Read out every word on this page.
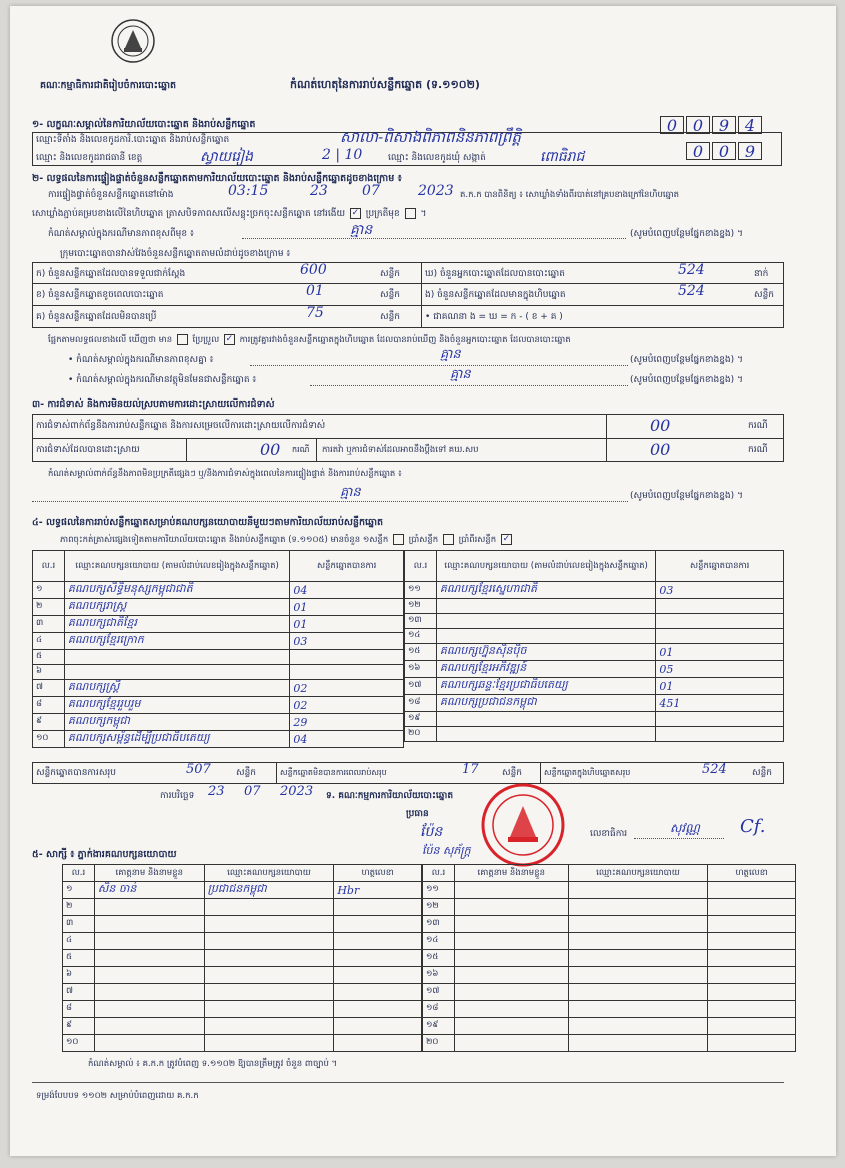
គណៈកម្មាធិការជាតិរៀបចំការបោះឆ្នោត	កំណត់ហេតុនៃការរាប់សន្លឹកឆ្នោត (ទ.១១០២)
១- លក្ខណៈសម្គាល់នៃការិយាល័យបោះឆ្នោត និងរាប់សន្លឹកឆ្នោត
ឈ្មោះទីតាំង និងលេខកូដការិ.បោះឆ្នោត និងរាប់សន្លឹកឆ្នោត	សាលា-ពិសាងពិភាពនិនភាពព្រឹត្ដិ
0 0 9 4
ឈ្មោះ និងលេខកូដរាជធានី ខេត្ត	ស្វាយរៀង	2 | 10	ឈ្មោះ និងលេខកូដឃុំ សង្កាត់	ពោធិរាជ	0 0 9
២- លទ្ធផលនៃការផ្ទៀងផ្ទាត់ចំនួនសន្លឹកឆ្នោតតាមការិយាល័យបោះឆ្នោត និងរាប់សន្លឹកឆ្នោតដូចខាងក្រោម ៖
ការផ្ទៀងផ្ទាត់ចំនួនសន្លឹកឆ្នោតនៅម៉ោង	03:15	23 07	2023 ត.ក.ក បានពិនិត្យ ៖ សោឃ្លាំងទាំងពីរបាត់នៅគ្របខាងក្រៅនៃហិបឆ្នោត
សោឃ្លាំងភ្ជាប់គម្របខាងលើនៃហិបឆ្នោត ត្រាសបិទភាពសលើសន្លុះច្រកចុះសន្លឹកឆ្នោត នៅរងើយ ✓ ប្រក្រតីមុខ ។
កំណត់សម្គាល់ក្នុងករណីមានភាពខុសពីមុខ ៖	គ្មាន	(សូមបំពេញបន្ថែមផ្នែកខាងខ្នង) ។
ក្រុមបោះឆ្នោតបានវាស់វែងចំនួនសន្លឹកឆ្នោតតាមលំដាប់ដូចខាងក្រោម ៖
ក) ចំនួនសន្លឹកឆ្នោតដែលបានទទួលជាក់ស្តែង	600	សន្លឹក	ឃ) ចំនួនអ្នកបោះឆ្នោតដែលបានបោះឆ្នោត	524	នាក់
ខ) ចំនួនសន្លឹកឆ្នោតខូចពេលបោះឆ្នោត	01	សន្លឹក	ង) ចំនួនសន្លឹកឆ្នោតដែលមានក្នុងហិបឆ្នោត	524	សន្លឹក
គ) ចំនួនសន្លឹកឆ្នោតដែលមិនបានប្រើ	75	សន្លឹក	• ជាគណនា ង = ឃ = ក - ( ខ + គ )
ផ្អែកតាមលទ្ធផលខាងលើ ឃើញថា មាន ប្រែប្រួល ✓ ការត្រូវគ្នារវាងចំនួនសន្លឹកឆ្នោតក្នុងហិបឆ្នោត ដែលបានរាប់ឃើញ និងចំនួនអ្នកបោះឆ្នោត ដែលបានបោះឆ្នោត
• កំណត់សម្គាល់ក្នុងករណីមានភាពខុសគ្នា ៖	គ្មាន	(សូមបំពេញបន្ថែមផ្នែកខាងខ្នង) ។
• កំណត់សម្គាល់ក្នុងករណីមានវត្ថុមិនមែនជាសន្លឹកឆ្នោត ៖	គ្មាន	(សូមបំពេញបន្ថែមផ្នែកខាងខ្នង) ។
៣- ការជំទាស់ និងការមិនយល់ស្របតាមការដោះស្រាយលើការជំទាស់
ការជំទាស់ពាក់ព័ន្ធនឹងការរាប់សន្លឹកឆ្នោត និងការសម្រេចលើការដោះស្រាយលើការជំទាស់	00	ករណី
ការជំទាស់ដែលបានដោះស្រាយ	00 ករណី ការតវ៉ា ឬការជំទាស់ដែលអាចនឹងប្តឹងទៅ គឃ.សប	00	ករណី
កំណត់សម្គាល់ពាក់ព័ន្ធនឹងភាពមិនប្រក្រតីផ្សេងៗ ឬ/និងការជំទាស់ក្នុងពេលនៃការផ្ទៀងផ្ទាត់ និងការរាប់សន្លឹកឆ្នោត ៖
គ្មាន	(សូមបំពេញបន្ថែមផ្នែកខាងខ្នង) ។
៤- លទ្ធផលនៃការរាប់សន្លឹកឆ្នោតសម្រាប់គណបក្សនយោបាយនីមួយៗតាមការិយាល័យរាប់សន្លឹកឆ្នោត
ភាពចុះកត់ត្រាស់ផ្សេងទៀតតាមការិយាល័យបោះឆ្នោត និងរាប់សន្លឹកឆ្នោត (ទ.១១០៥) មានចំនួន ១សន្លឹក ប្រាំសន្លឹក ប្រាំពីរសន្លឹក ✓
ល.រ	ឈ្មោះគណបក្សនយោបាយ (តាមលំដាប់លេខរៀងក្នុងសន្លឹកឆ្នោត)	សន្លឹកឆ្នោតបានការ
១	គណបក្សសិទ្ធិមនុស្សកម្ពុជាជាតិ	04
២	គណបក្សរាស្រ្ត	01
៣	គណបក្សជាតិខ្មែរ	01
៤	គណបក្សខ្មែរក្រោក	03
៥		
៦		
៧	គណបក្សស្រ្តី	02
៨	គណបក្សខ្មែររួបរួម	02
៩	គណបក្សកម្ពុជា	29
១០	គណបក្សសម្ព័ន្ធដើម្បីប្រជាធិបតេយ្យ	04
ល.រ	ឈ្មោះគណបក្សនយោបាយ (តាមលំដាប់លេខរៀងក្នុងសន្លឹកឆ្នោត)	សន្លឹកឆ្នោតបានការ
១១	គណបក្សខ្មែរស្នេហាជាតិ	03
១២		
១៣		
១៤		
១៥	គណបក្សហ្វ៊ុនស៊ិនប៉ិច	01
១៦	គណបក្សខ្មែរអភិវឌ្ឍន៍	05
១៧	គណបក្សឆន្ទៈខ្មែរប្រជាធិបតេយ្យ	01
១៨	គណបក្សប្រជាជនកម្ពុជា	451
១៩		
២០		
សន្លឹកឆ្នោតបានការសរុប	507	សន្លឹក	សន្លឹកឆ្នោតមិនបានការពេលរាប់សរុប	17	សន្លឹក	សន្លឹកឆ្នោតក្នុងហិបឆ្នោតសរុប	524	សន្លឹក
ការបរិច្ឆេទ 23 07 2023 ទ. គណៈកម្មការការិយាល័យបោះឆ្នោត
ប្រធាន
ប៉ែន
ប៉ែន សុភ័ក្ត្រ
លេខាធិការ	សុវណ្ណ Cf.
៥- សាក្សី ៖ ភ្នាក់ងារគណបក្សនយោបាយ
ល.រ	គោត្តនាម និងនាមខ្លួន	ឈ្មោះគណបក្សនយោបាយ	ហត្ថលេខា
១	សិន ចាន់	ប្រជាជនកម្ពុជា	Hbr
២			
៣			
៤			
៥			
៦			
៧			
៨			
៩			
១០			
ល.រ	គោត្តនាម និងនាមខ្លួន	ឈ្មោះគណបក្សនយោបាយ	ហត្ថលេខា
១១			
១២			
១៣			
១៤			
១៥			
១៦			
១៧			
១៨			
១៩			
២០			
កំណត់សម្គាល់ ៖ គ.ក.ក ត្រូវបំពេញ ទ.១១០២ ឱ្យបានត្រឹមត្រូវ ចំនួន ពាច្បាប់ ។
ទម្រង់បែបបទ ១១០២ សម្រាប់បំពេញដោយ គ.ក.ក
